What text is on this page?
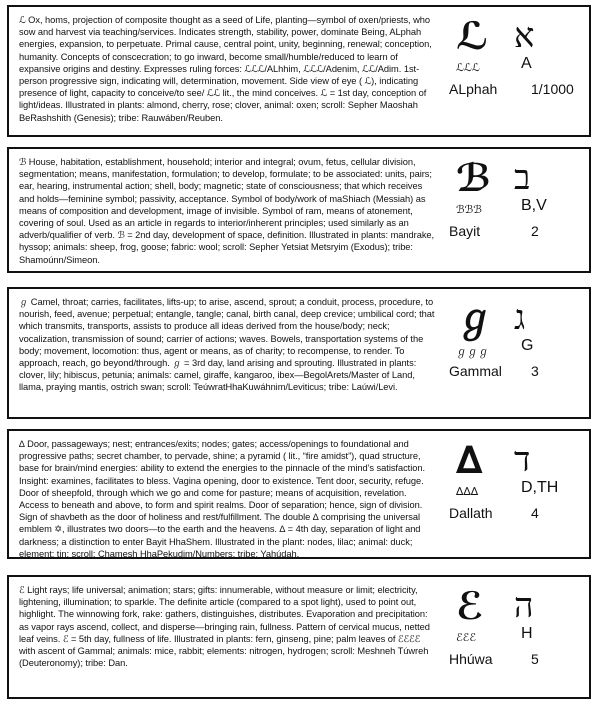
ℒ Ox, homs, projection of composite thought as a seed of Life, planting—symbol of oxen/priests, who sow and harvest via teaching/services. Indicates strength, stability, power, dominate Being, ALphah energies, expansion, to perpetuate. Primal cause, central point, unity, beginning, renewal; conception, humanity. Concepts of conscecration; to go inward, become small/humble/reduced to learn of expansive origins and destiny. Expresses ruling forces: ℒℒℒ/ALhhim, ℒℒℒ/Adenim, ℒℒ/Adim. 1st-person progressive sign, indicating will, determination, movement. Side view of eye ( ℒ), indicating presence of light, capacity to conceive/to see/ ℒℒ lit., the mind conceives. ℒ = 1st day, conception of light/ideas. Illustrated in plants: almond, cherry, rose; clover, animal: oxen; scroll: Sepher Maoshah BeRashshith (Genesis); tribe: Rauwáben/Reuben.
ℒ א
ℒℒℒ	A
ALphah 1/1000
ℬ House, habitation, establishment, household; interior and integral; ovum, fetus, cellular division, segmentation; means, manifestation, formulation; to develop, formulate; to be associated: units, pairs; ear, hearing, instrumental action; shell, body; magnetic; state of consciousness; that which receives and holds—feminine symbol; passivity, acceptance. Symbol of body/work of maShiach (Messiah) as means of composition and development, image of invisible. Symbol of ram, means of atonement, covering of soul. Used as an article in regards to interior/inherent principles; used similarly as an adverb/qualifier of verb. ℬ = 2nd day, development of space, definition. Illustrated in plants: mandrake, hyssop; animals: sheep, frog, goose; fabric: wool; scroll: Sepher Yetsiat Metsryim (Exodus); tribe: Shamoúnn/Simeon.
ℬ ב
ℬℬℬ B,V
Bayit	2
ℊ Camel, throat; carries, facilitates, lifts-up; to arise, ascend, sprout; a conduit, process, procedure, to nourish, feed, avenue; perpetual; entangle, tangle; canal, birth canal, deep crevice; umbilical cord; that which transmits, transports, assists to produce all ideas derived from the house/body; neck; vocalization, transmission of sound; carrier of actions; waves. Bowels, transportation systems of the body; movement, locomotion: thus, agent or means, as of charity; to recompense, to render. To approach, reach, go beyond/through. ℊ = 3rd day, land arising and sprouting. Illustrated in plants: clover, lily; hibiscus, petunia; animals: camel, giraffe, kangaroo, ibex—BegolArets/Master of Land, llama, praying mantis, ostrich swan; scroll: TeúwratHhaKuwáhnim/Leviticus; tribe: Laúwi/Levi.
ℊ ג
ℊℊℊ G
Gammal 3
∆ Door, passageways; nest; entrances/exits; nodes; gates; access/openings to foundational and progressive paths; secret chamber, to pervade, shine; a pyramid ( lit., “fire amidst”), quad structure, base for brain/mind energies: ability to extend the energies to the pinnacle of the mind’s satisfaction. Insight: examines, facilitates to bless. Vagina opening, door to existence. Tent door, security, refuge. Door of sheepfold, through which we go and come for pasture; means of acquisition, revelation. Access to beneath and above, to form and spirit realms. Door of separation; hence, sign of division. Sign of shavbeth as the door of holiness and rest/fulfillment. The double ∆ comprising the universal emblem ✡, illustrates two doors—to the earth and the heavens. ∆ = 4th day, separation of light and darkness; a distinction to enter Bayit HhaShem. Illustrated in the plant: nodes, lilac; animal: duck; element: tin; scroll: Chamesh HhaPekudim/Numbers; tribe: Yahúdah.
∆ ד
∆∆∆	D,TH
Dallath	4
ℰ Light rays; life universal; animation; stars; gifts: innumerable, without measure or limit; electricity, lightening, illumination; to sparkle. The definite article (compared to a spot light), used to point out, highlight. The winnowing fork, rake: gathers, distinguishes, distributes. Evaporation and precipitation: as vapor rays ascend, collect, and disperse—bringing rain, fullness. Pattern of cervical mucus, netted leaf veins. ℰ = 5th day, fullness of life. Illustrated in plants: fern, ginseng, pine; palm leaves of ℰℰℰℰ with ascent of Gammal; animals: mice, rabbit; elements: nitrogen, hydrogen; scroll: Meshneh Túwreh (Deuteronomy); tribe: Dan.
ℰ ה
ℰℰℰ	H
Hhúwa	5
